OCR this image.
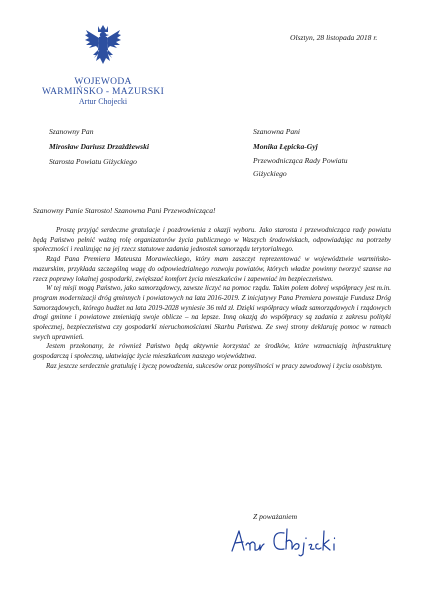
WOJEWODA
WARMIŃSKO - MAZURSKI
Artur Chojecki
Olsztyn, 28 listopada 2018 r.
Szanowny Pan
Mirosław Dariusz Drzażdżewski
Starosta Powiatu Giżyckiego
Szanowna Pani
Monika Łępicka-Gyj
Przewodnicząca Rady Powiatu
Giżyckiego
Szanowny Panie Starosto! Szanowna Pani Przewodnicząca!

Proszę przyjąć serdeczne gratulacje i pozdrowienia z okazji wyboru. Jako starosta i przewodnicząca rady powiatu będą Państwo pełnić ważną rolę organizatorów życia publicznego w Waszych środowiskach, odpowiadając na potrzeby społeczności i realizując na jej rzecz statutowe zadania jednostek samorządu terytorialnego.

Rząd Pana Premiera Mateusza Morawieckiego, który mam zaszczyt reprezentować w województwie warmińsko-mazurskim, przykłada szczególną wagę do odpowiedzialnego rozwoju powiatów, których władze powinny tworzyć szanse na rzecz poprawy lokalnej gospodarki, zwiększać komfort życia mieszkańców i zapewniać im bezpieczeństwo.

W tej misji mogą Państwo, jako samorządowcy, zawsze liczyć na pomoc rządu. Takim polem dobrej współpracy jest m.in. program modernizacji dróg gminnych i powiatowych na lata 2016-2019. Z inicjatywy Pana Premiera powstaje Fundusz Dróg Samorządowych, którego budżet na lata 2019-2028 wyniesie 36 mld zł. Dzięki współpracy władz samorządowych i rządowych drogi gminne i powiatowe zmieniają swoje oblicze – na lepsze. Inną okazją do współpracy są zadania z zakresu polityki społecznej, bezpieczeństwa czy gospodarki nieruchomościami Skarbu Państwa. Ze swej strony deklaruję pomoc w ramach swych uprawnień.

Jestem przekonany, że również Państwo będą aktywnie korzystać ze środków, które wzmacniają infrastrukturę gospodarczą i społeczną, ułatwiając życie mieszkańcom naszego województwa.

Raz jeszcze serdecznie gratuluję i życzę powodzenia, sukcesów oraz pomyślności w pracy zawodowej i życiu osobistym.

Z poważaniem
